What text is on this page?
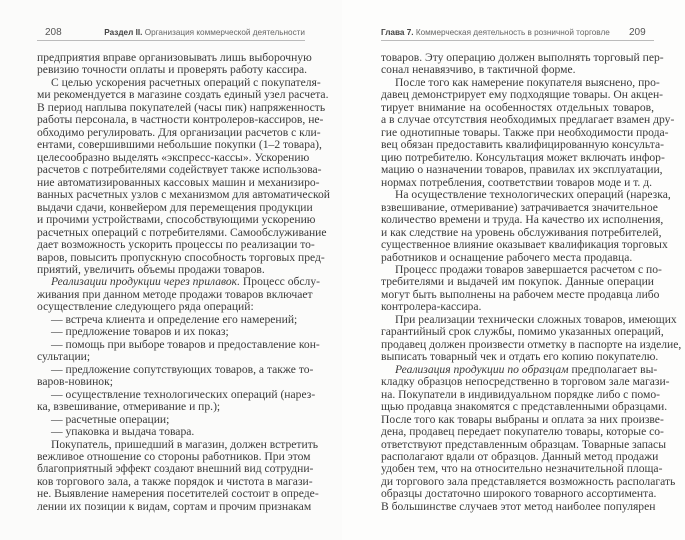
208	Раздел II. Организация коммерческой деятельности
предприятия вправе организовывать лишь выборочную
ревизию точности оплаты и проверять работу кассира.
С целью ускорения расчетных операций с покупателя-
ми рекомендуется в магазине создать единый узел расчета.
В период наплыва покупателей (часы пик) напряженность
работы персонала, в частности контролеров-кассиров, не-
обходимо регулировать. Для организации расчетов с кли-
ентами, совершившими небольшие покупки (1–2 товара),
целесообразно выделять «экспресс-кассы». Ускорению
расчетов с потребителями содействует также использова-
ние автоматизированных кассовых машин и механизиро-
ванных расчетных узлов с механизмом для автоматической
выдачи сдачи, конвейером для перемещения продукции
и прочими устройствами, способствующими ускорению
расчетных операций с потребителями. Самообслуживание
дает возможность ускорить процессы по реализации то-
варов, повысить пропускную способность торговых пред-
приятий, увеличить объемы продажи товаров.
Реализации продукции через прилавок. Процесс обслу-
живания при данном методе продажи товаров включает
осуществление следующего ряда операций:
— встреча клиента и определение его намерений;
— предложение товаров и их показ;
— помощь при выборе товаров и предоставление кон-
сультации;
— предложение сопутствующих товаров, а также то-
варов-новинок;
— осуществление технологических операций (нарез-
ка, взвешивание, отмеривание и пр.);
— расчетные операции;
— упаковка и выдача товара.
Покупатель, пришедший в магазин, должен встретить
вежливое отношение со стороны работников. При этом
благоприятный эффект создают внешний вид сотрудни-
ков торгового зала, а также порядок и чистота в магази-
не. Выявление намерения посетителей состоит в опреде-
лении их позиции к видам, сортам и прочим признакам
Глава 7. Коммерческая деятельность в розничной торговле 209
товаров. Эту операцию должен выполнять торговый пер-
сонал ненавязчиво, в тактичной форме.
После того как намерение покупателя выяснено, про-
давец демонстрирует ему подходящие товары. Он акцен-
тирует внимание на особенностях отдельных товаров,
а в случае отсутствия необходимых предлагает взамен дру-
гие однотипные товары. Также при необходимости прода-
вец обязан предоставить квалифицированную консульта-
цию потребителю. Консультация может включать инфор-
мацию о назначении товаров, правилах их эксплуатации,
нормах потребления, соответствии товаров моде и т. д.
На осуществление технологических операций (нарезка,
взвешивание, отмеривание) затрачивается значительное
количество времени и труда. На качество их исполнения,
и как следствие на уровень обслуживания потребителей,
существенное влияние оказывает квалификация торговых
работников и оснащение рабочего места продавца.
Процесс продажи товаров завершается расчетом с по-
требителями и выдачей им покупок. Данные операции
могут быть выполнены на рабочем месте продавца либо
контролера-кассира.
При реализации технически сложных товаров, имеющих
гарантийный срок службы, помимо указанных операций,
продавец должен произвести отметку в паспорте на изделие,
выписать товарный чек и отдать его копию покупателю.
Реализация продукции по образцам предполагает вы-
кладку образцов непосредственно в торговом зале магази-
на. Покупатели в индивидуальном порядке либо с помо-
щью продавца знакомятся с представленными образцами.
После того как товары выбраны и оплата за них произве-
дена, продавец передает покупателю товары, которые со-
ответствуют представленным образцам. Товарные запасы
располагают вдали от образцов. Данный метод продажи
удобен тем, что на относительно незначительной площа-
ди торгового зала представляется возможность располагать
образцы достаточно широкого товарного ассортимента.
В большинстве случаев этот метод наиболее популярен
